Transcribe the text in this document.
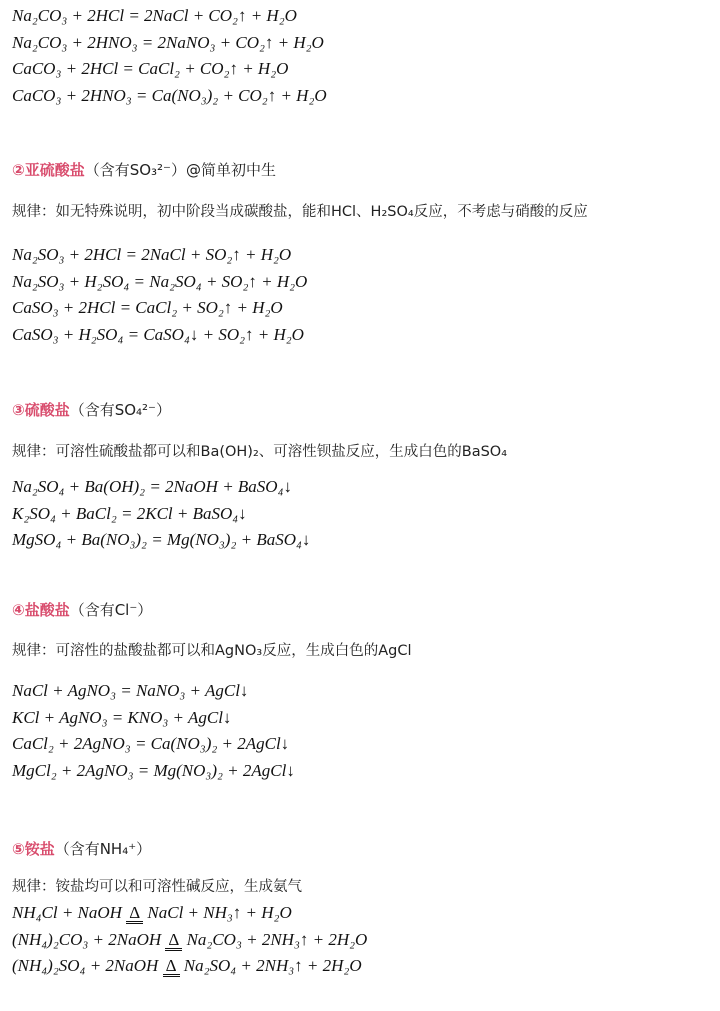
Na₂CO₃ + 2HCl = 2NaCl + CO₂↑ + H₂O
Na₂CO₃ + 2HNO₃ = 2NaNO₃ + CO₂↑ + H₂O
CaCO₃ + 2HCl = CaCl₂ + CO₂↑ + H₂O
CaCO₃ + 2HNO₃ = Ca(NO₃)₂ + CO₂↑ + H₂O
②亚硫酸盐（含有SO₃²⁻）@简单初中生
规律：如无特殊说明，初中阶段当成碳酸盐，能和HCl、H₂SO₄反应，不考虑与硝酸的反应
Na₂SO₃ + 2HCl = 2NaCl + SO₂↑ + H₂O
Na₂SO₃ + H₂SO₄ = Na₂SO₄ + SO₂↑ + H₂O
CaSO₃ + 2HCl = CaCl₂ + SO₂↑ + H₂O
CaSO₃ + H₂SO₄ = CaSO₄↓ + SO₂↑ + H₂O
③硫酸盐（含有SO₄²⁻）
规律：可溶性硫酸盐都可以和Ba(OH)₂、可溶性钡盐反应，生成白色的BaSO₄
Na₂SO₄ + Ba(OH)₂ = 2NaOH + BaSO₄↓
K₂SO₄ + BaCl₂ = 2KCl + BaSO₄↓
MgSO₄ + Ba(NO₃)₂ = Mg(NO₃)₂ + BaSO₄↓
④盐酸盐（含有Cl⁻）
规律：可溶性的盐酸盐都可以和AgNO₃反应，生成白色的AgCl
NaCl + AgNO₃ = NaNO₃ + AgCl↓
KCl + AgNO₃ = KNO₃ + AgCl↓
CaCl₂ + 2AgNO₃ = Ca(NO₃)₂ + 2AgCl↓
MgCl₂ + 2AgNO₃ = Mg(NO₃)₂ + 2AgCl↓
⑤铵盐（含有NH₄⁺）
规律：铵盐均可以和可溶性碱反应，生成氨气
NH₄Cl + NaOH Δ NaCl + NH₃↑ + H₂O
(NH₄)₂CO₃ + 2NaOH Δ Na₂CO₃ + 2NH₃↑ + 2H₂O
(NH₄)₂SO₄ + 2NaOH Δ Na₂SO₄ + 2NH₃↑ + 2H₂O
